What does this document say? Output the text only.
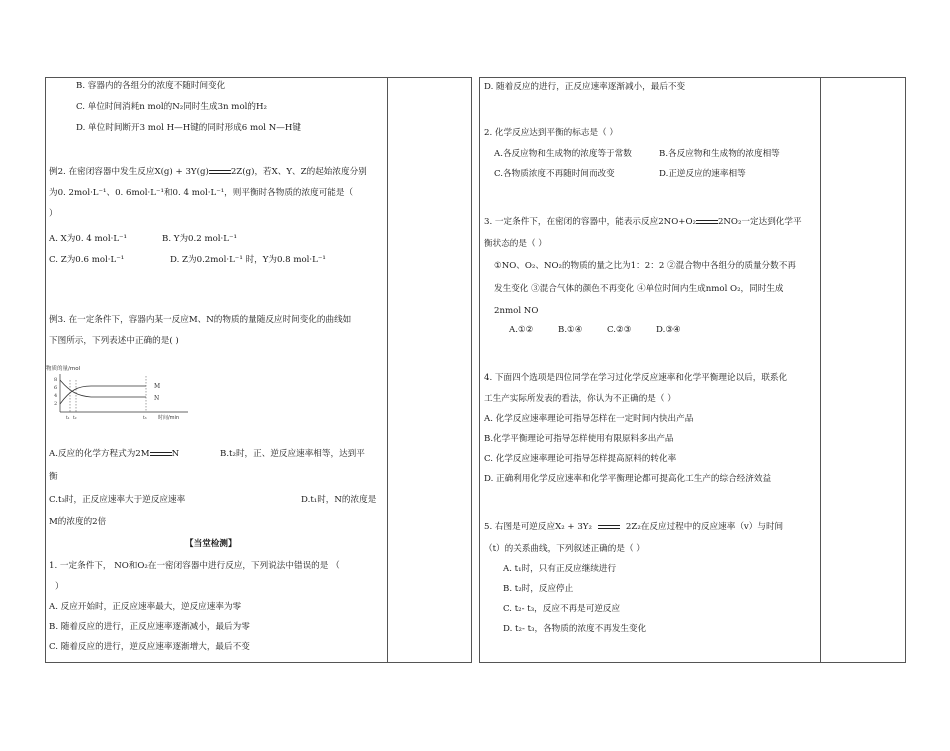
B. 容器内的各组分的浓度不随时间变化
C. 单位时间消耗n mol的N₂同时生成3n mol的H₂
D. 单位时间断开3 mol H—H键的同时形成6 mol N—H键
例2. 在密闭容器中发生反应X(g) + 3Y(g)	2Z(g)，若X、Y、Z的起始浓度分别
为0. 2mol·L⁻¹、0. 6mol·L⁻¹和0. 4 mol·L⁻¹，则平衡时各物质的浓度可能是（
）
A. X为0. 4 mol·L⁻¹	B. Y为0.2 mol·L⁻¹
C. Z为0.6 mol·L⁻¹	D. Z为0.2mol·L⁻¹ 时，Y为0.8 mol·L⁻¹
例3. 在一定条件下，容器内某一反应M、N的物质的量随反应时间变化的曲线如
下图所示，下列表述中正确的是( )
物质的量/mol
8
6
4
2
M
N
t₁ t₂	t₃ 时间/min
A.反应的化学方程式为2M	N	B.t₂时，正、逆反应速率相等，达到平
衡
C.t₃时，正反应速率大于逆反应速率	D.t₁时，N的浓度是
M的浓度的2倍
【当堂检测】
1. 一定条件下， NO和O₂在一密闭容器中进行反应，下列说法中错误的是 （
）
A. 反应开始时，正反应速率最大，逆反应速率为零
B. 随着反应的进行，正反应速率逐渐减小，最后为零
C. 随着反应的进行，逆反应速率逐渐增大，最后不变
D. 随着反应的进行，正反应速率逐渐减小，最后不变
2. 化学反应达到平衡的标志是（ ）
A.各反应物和生成物的浓度等于常数	B.各反应物和生成物的浓度相等
C.各物质浓度不再随时间而改变	D.正逆反应的速率相等
3. 一定条件下，在密闭的容器中，能表示反应2NO+O₂	2NO₂一定达到化学平
衡状态的是（ ）
①NO、O₂、NO₂的物质的量之比为1：2：2 ②混合物中各组分的质量分数不再
发生变化 ③混合气体的颜色不再变化 ④单位时间内生成nmol O₂，同时生成
2nmol NO
A.①②	B.①④	C.②③	D.③④
4. 下面四个选项是四位同学在学习过化学反应速率和化学平衡理论以后，联系化
工生产实际所发表的看法，你认为不正确的是（ ）
A. 化学反应速率理论可指导怎样在一定时间内快出产品
B.化学平衡理论可指导怎样使用有限原料多出产品
C. 化学反应速率理论可指导怎样提高原料的转化率
D. 正确利用化学反应速率和化学平衡理论都可提高化工生产的综合经济效益
5. 右图是可逆反应X₂ + 3Y₂	2Z₂在反应过程中的反应速率（v）与时间
（t）的关系曲线，下列叙述正确的是（ ）
A. t₁时，只有正反应继续进行
B. t₂时，反应停止
C. t₂- t₃，反应不再是可逆反应
D. t₂- t₃，各物质的浓度不再发生变化
